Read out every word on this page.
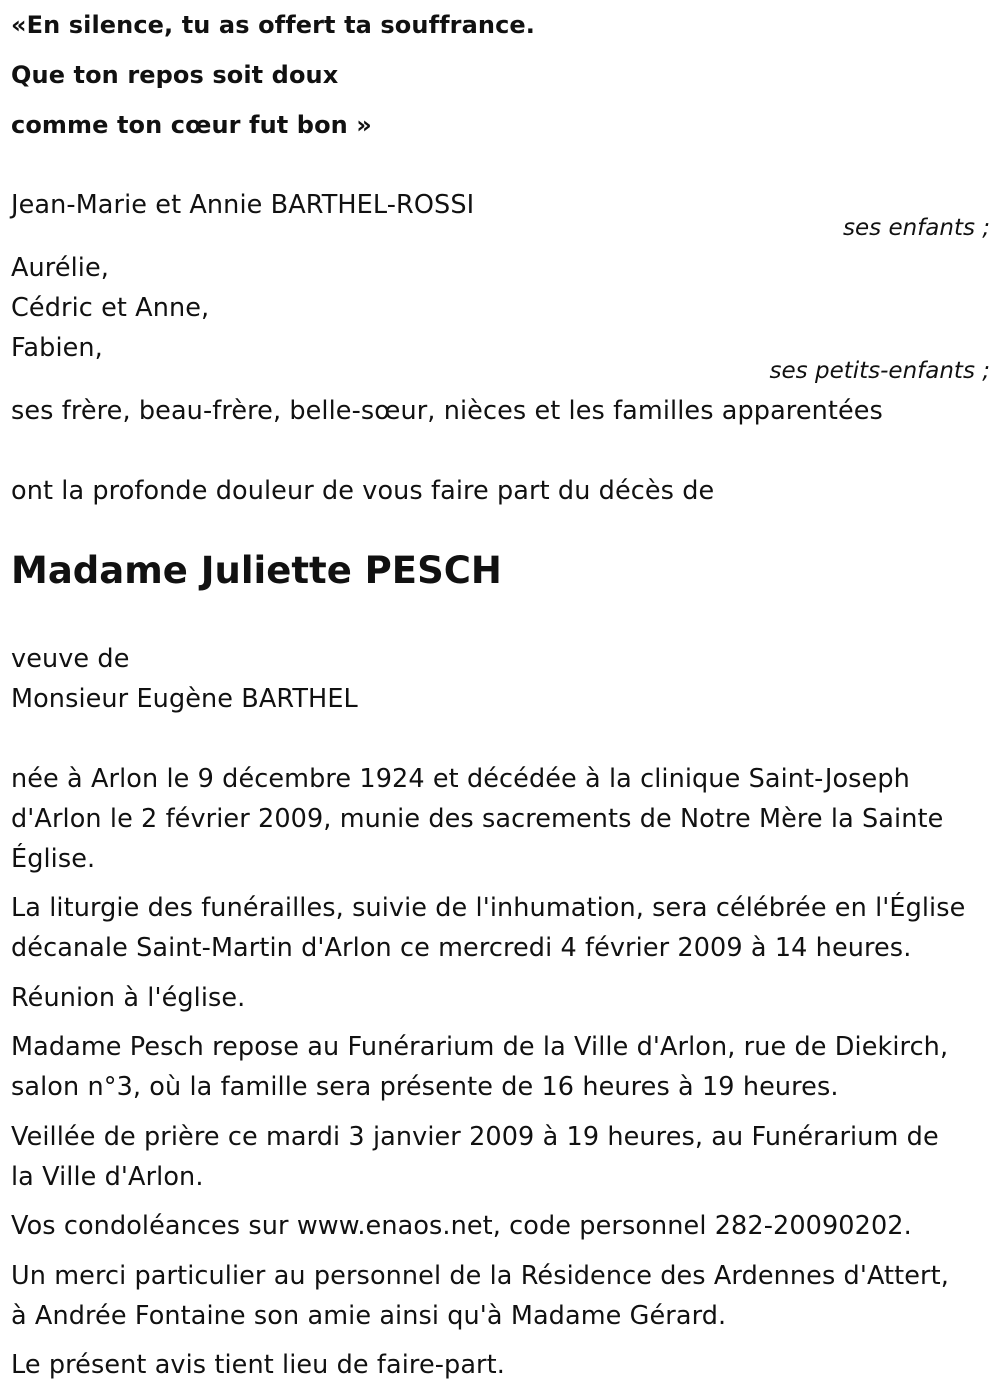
«En silence, tu as offert ta souffrance.
Que ton repos soit doux
comme ton cœur fut bon »
Jean-Marie et Annie BARTHEL-ROSSI
ses enfants ;
Aurélie,
Cédric et Anne,
Fabien,
ses petits-enfants ;
ses frère, beau-frère, belle-sœur, nièces et les familles apparentées
ont la profonde douleur de vous faire part du décès de
Madame Juliette PESCH
veuve de
Monsieur Eugène BARTHEL
née à Arlon le 9 décembre 1924 et décédée à la clinique Saint-Joseph
d'Arlon le 2 février 2009, munie des sacrements de Notre Mère la Sainte
Église.
La liturgie des funérailles, suivie de l'inhumation, sera célébrée en l'Église
décanale Saint-Martin d'Arlon ce mercredi 4 février 2009 à 14 heures.
Réunion à l'église.
Madame Pesch repose au Funérarium de la Ville d'Arlon, rue de Diekirch,
salon n°3, où la famille sera présente de 16 heures à 19 heures.
Veillée de prière ce mardi 3 janvier 2009 à 19 heures, au Funérarium de
la Ville d'Arlon.
Vos condoléances sur www.enaos.net, code personnel 282-20090202.
Un merci particulier au personnel de la Résidence des Ardennes d'Attert,
à Andrée Fontaine son amie ainsi qu'à Madame Gérard.
Le présent avis tient lieu de faire-part.
